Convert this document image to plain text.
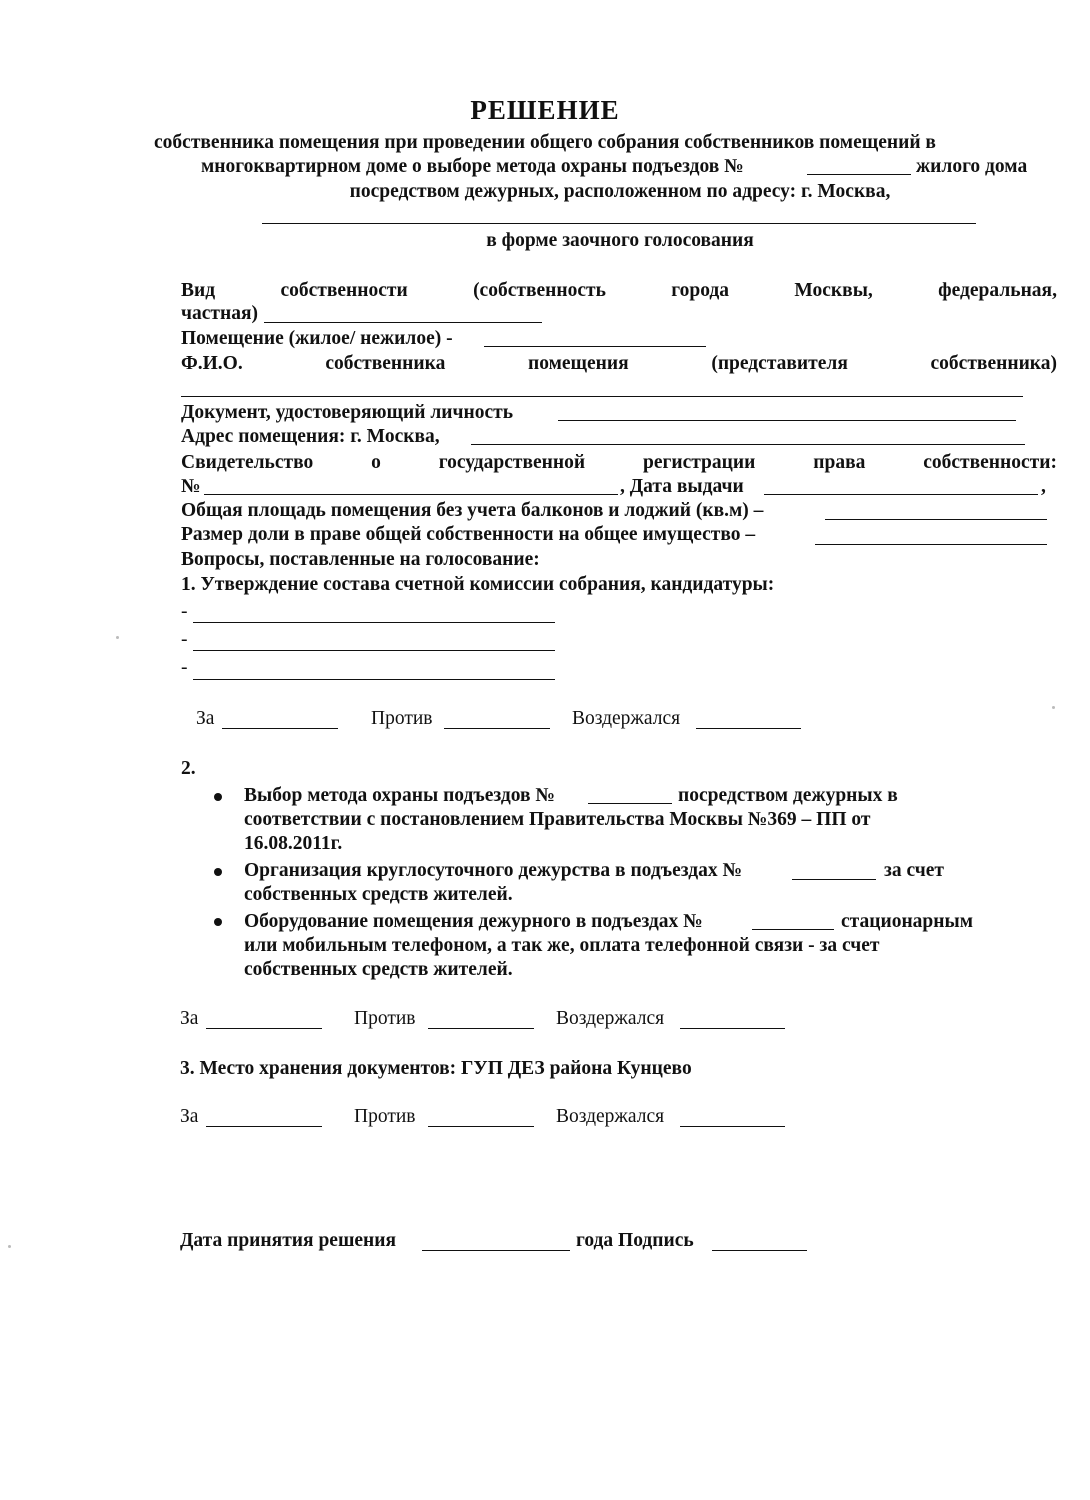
РЕШЕНИЕ
собственника помещения при проведении общего собрания собственников помещений в
многоквартирном доме о выборе метода охраны подъездов №	жилого дома
посредством дежурных, расположенном по адресу: г. Москва,
в форме заочного голосования
Вид	собственности	(собственность	города	Москвы,	федеральная,
частная)
Помещение (жилое/ нежилое) -
Ф.И.О.	собственника	помещения	(представителя	собственника)
Документ, удостоверяющий личность
Адрес помещения: г. Москва,
Свидетельство	о	государственной	регистрации	права	собственности:
№	, Дата выдачи	,
Общая площадь помещения без учета балконов и лоджий (кв.м) –
Размер доли в праве общей собственности на общее имущество –
Вопросы, поставленные на голосование:
1. Утверждение состава счетной комиссии собрания, кандидатуры:
-
-
-
За	Против	Воздержался
2.
Выбор метода охраны подъездов №	посредством дежурных в
соответствии с постановлением Правительства Москвы №369 – ПП от
16.08.2011г.
Организация круглосуточного дежурства в подъездах №	за счет
собственных средств жителей.
Оборудование помещения дежурного в подъездах №	стационарным
или мобильным телефоном, а так же, оплата телефонной связи - за счет
собственных средств жителей.
За	Против	Воздержался
3. Место хранения документов: ГУП ДЕЗ района Кунцево
За	Против	Воздержался
Дата принятия решения	года Подпись
